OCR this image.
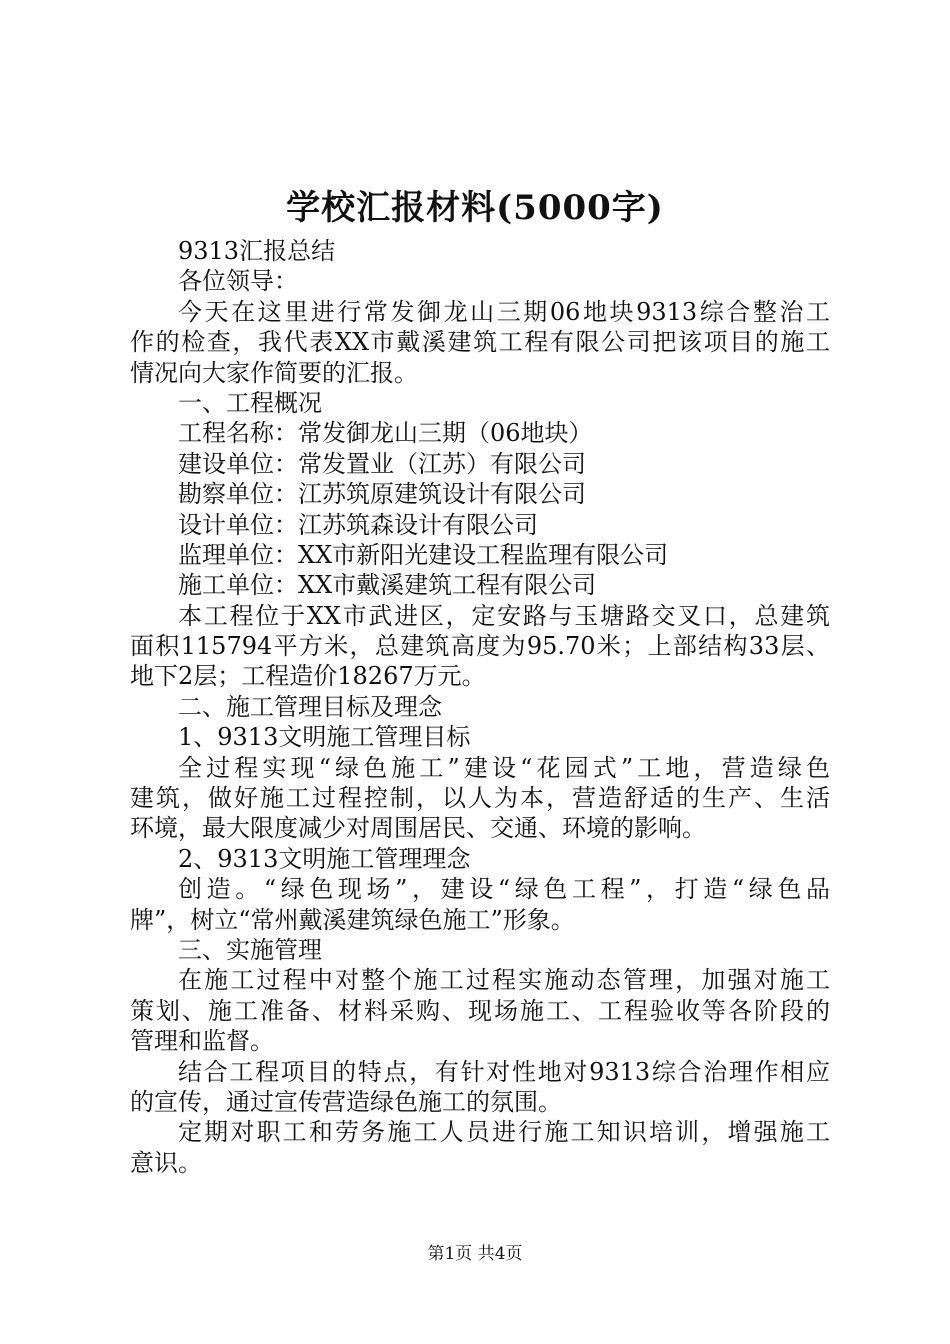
学校汇报材料(5000字)
9313汇报总结
各位领导：
今天在这里进行常发御龙山三期06地块9313综合整治工
作的检查，我代表XX市戴溪建筑工程有限公司把该项目的施工
情况向大家作简要的汇报。
一、工程概况
工程名称：常发御龙山三期（06地块）
建设单位：常发置业（江苏）有限公司
勘察单位：江苏筑原建筑设计有限公司
设计单位：江苏筑森设计有限公司
监理单位：XX市新阳光建设工程监理有限公司
施工单位：XX市戴溪建筑工程有限公司
本工程位于XX市武进区，定安路与玉塘路交叉口，总建筑
面积115794平方米，总建筑高度为95.70米；上部结构33层、
地下2层；工程造价18267万元。
二、施工管理目标及理念
1、9313文明施工管理目标
全过程实现“绿色施工”建设“花园式”工地，营造绿色
建筑，做好施工过程控制，以人为本，营造舒适的生产、生活
环境，最大限度减少对周围居民、交通、环境的影响。
2、9313文明施工管理理念
创造。“绿色现场”，建设“绿色工程”，打造“绿色品
牌”，树立“常州戴溪建筑绿色施工”形象。
三、实施管理
在施工过程中对整个施工过程实施动态管理，加强对施工
策划、施工准备、材料采购、现场施工、工程验收等各阶段的
管理和监督。
结合工程项目的特点，有针对性地对9313综合治理作相应
的宣传，通过宣传营造绿色施工的氛围。
定期对职工和劳务施工人员进行施工知识培训，增强施工
意识。
第1页 共4页
